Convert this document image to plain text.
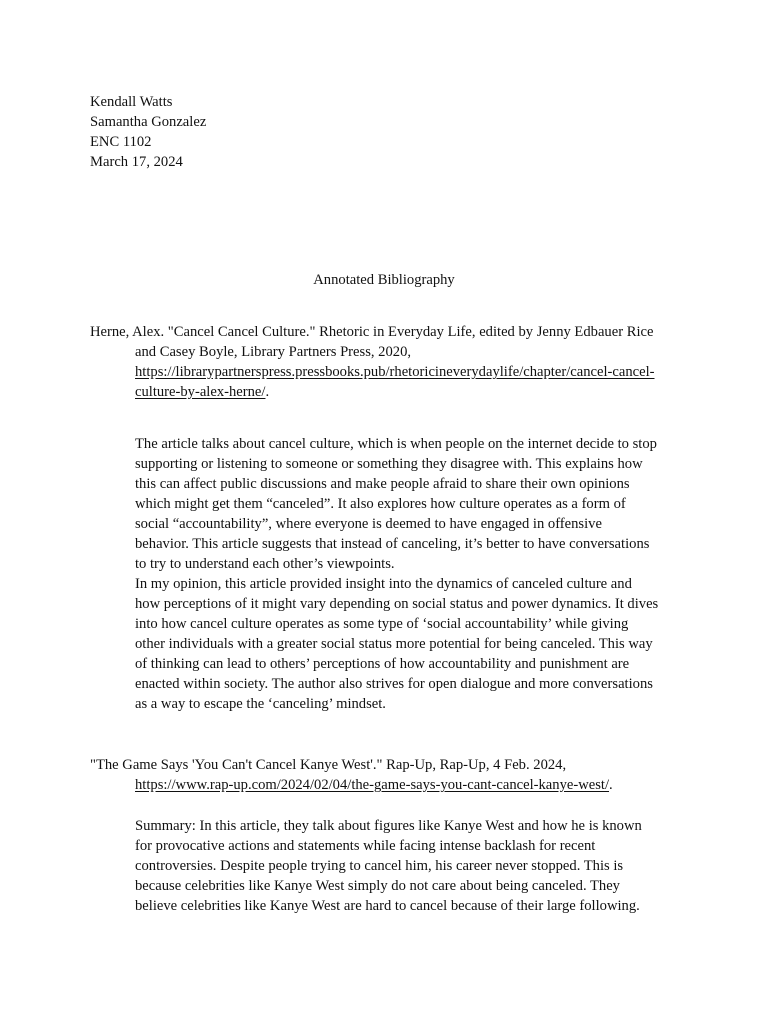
Kendall Watts
Samantha Gonzalez
ENC 1102
March 17, 2024
Annotated Bibliography
Herne, Alex. "Cancel Cancel Culture." Rhetoric in Everyday Life, edited by Jenny Edbauer Rice
and Casey Boyle, Library Partners Press, 2020,
https://librarypartnerspress.pressbooks.pub/rhetoricineverydaylife/chapter/cancel-cancel-
culture-by-alex-herne/.
The article talks about cancel culture, which is when people on the internet decide to stop
supporting or listening to someone or something they disagree with. This explains how
this can affect public discussions and make people afraid to share their own opinions
which might get them “canceled”. It also explores how culture operates as a form of
social “accountability”, where everyone is deemed to have engaged in offensive
behavior. This article suggests that instead of canceling, it’s better to have conversations
to try to understand each other’s viewpoints.
In my opinion, this article provided insight into the dynamics of canceled culture and
how perceptions of it might vary depending on social status and power dynamics. It dives
into how cancel culture operates as some type of ‘social accountability’ while giving
other individuals with a greater social status more potential for being canceled. This way
of thinking can lead to others’ perceptions of how accountability and punishment are
enacted within society. The author also strives for open dialogue and more conversations
as a way to escape the ‘canceling’ mindset.
"The Game Says 'You Can't Cancel Kanye West'." Rap-Up, Rap-Up, 4 Feb. 2024,
https://www.rap-up.com/2024/02/04/the-game-says-you-cant-cancel-kanye-west/.
Summary: In this article, they talk about figures like Kanye West and how he is known
for provocative actions and statements while facing intense backlash for recent
controversies. Despite people trying to cancel him, his career never stopped. This is
because celebrities like Kanye West simply do not care about being canceled. They
believe celebrities like Kanye West are hard to cancel because of their large following.
